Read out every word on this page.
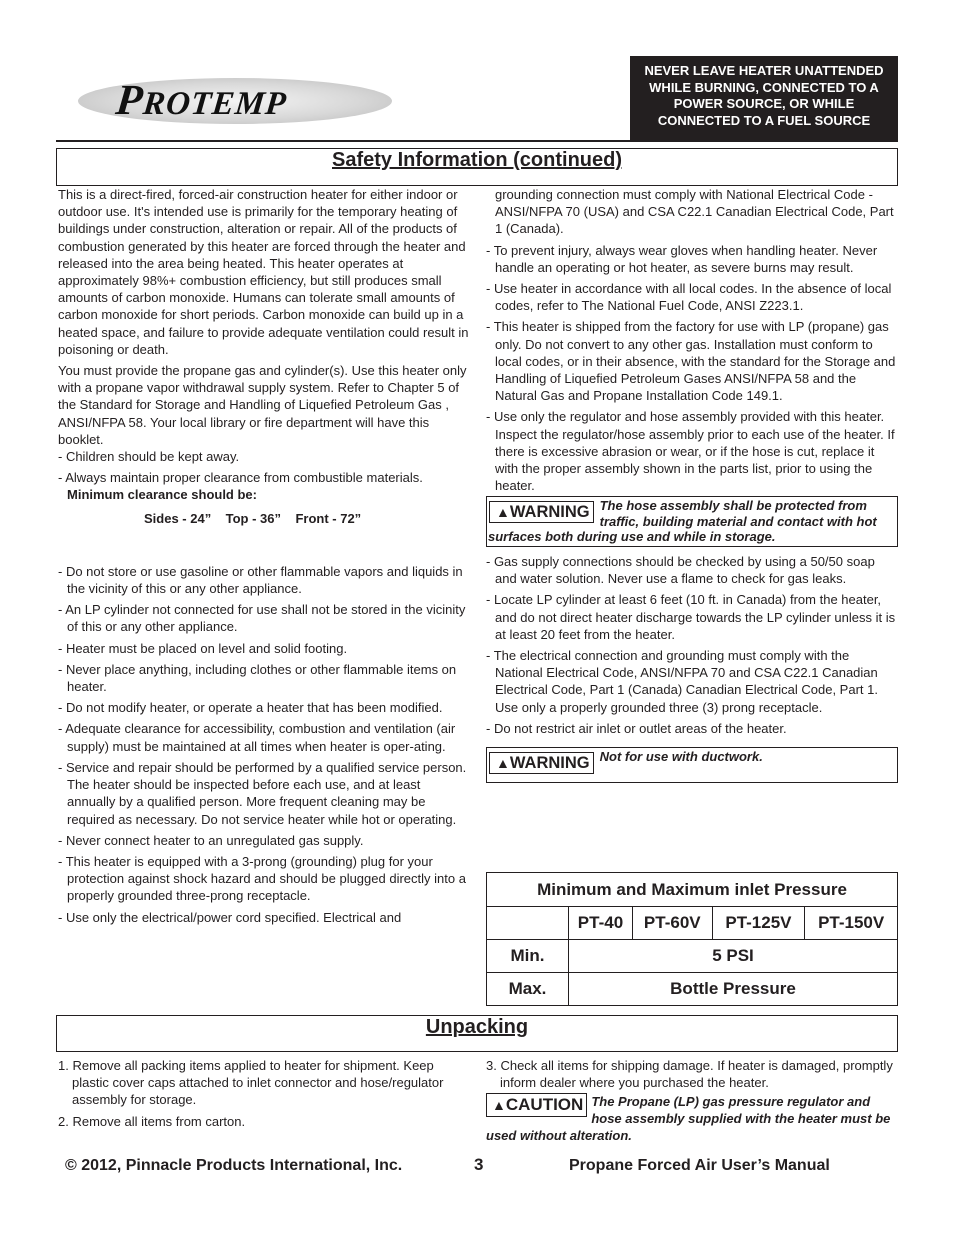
PROTEMP
NEVER LEAVE HEATER UNATTENDED
WHILE BURNING, CONNECTED TO A
POWER SOURCE, OR WHILE
CONNECTED TO A FUEL SOURCE
Safety Information (continued)

This is a direct-fired, forced-air construction heater for either indoor or outdoor use. It's intended use is primarily for the temporary heating of buildings under construction, alteration or repair. All of the products of combustion generated by this heater are forced through the heater and released into the area being heated. This heater operates at approximately 98%+ combustion efficiency, but still produces small amounts of carbon monoxide. Humans can tolerate small amounts of carbon monoxide for short periods. Carbon monoxide can build up in a heated space, and failure to provide adequate ventilation could result in poisoning or death.

You must provide the propane gas and cylinder(s). Use this heater only with a propane vapor withdrawal supply system. Refer to Chapter 5 of the Standard for Storage and Handling of Liquefied Petroleum Gas , ANSI/NFPA 58. Your local library or fire department will have this booklet.

- Children should be kept away.

- Always maintain proper clearance from combustible materials.

Minimum clearance should be:

Sides - 24”    Top - 36”    Front - 72”

- Do not store or use gasoline or other flammable vapors and liquids in the vicinity of this or any other appliance.

- An LP cylinder not connected for use shall not be stored in the vicinity of this or any other appliance.

- Heater must be placed on level and solid footing.

- Never place anything, including clothes or other flammable items on heater.

- Do not modify heater, or operate a heater that has been modified.

- Adequate clearance for accessibility, combustion and ventilation (air supply) must be maintained at all times when heater is oper-ating.

- Service and repair should be performed by a qualified service person. The heater should be inspected before each use, and at least annually by a qualified person. More frequent cleaning may be required as necessary. Do not service heater while hot or operating.

- Never connect heater to an unregulated gas supply.

- This heater is equipped with a 3-prong (grounding) plug for your protection against shock hazard and should be plugged directly into a properly grounded three-prong receptacle.

- Use only the electrical/power cord specified. Electrical and

grounding connection must comply with National Electrical Code - ANSI/NFPA 70 (USA) and CSA C22.1 Canadian Electrical Code, Part 1 (Canada).

- To prevent injury, always wear gloves when handling heater. Never handle an operating or hot heater, as severe burns may result.

- Use heater in accordance with all local codes. In the absence of local codes, refer to The National Fuel Code, ANSI Z223.1.

- This heater is shipped from the factory for use with LP (propane) gas only. Do not convert to any other gas. Installation must conform to local codes, or in their absence, with the standard for the Storage and Handling of Liquefied Petroleum Gases ANSI/NFPA 58 and the Natural Gas and Propane Installation Code 149.1.

- Use only the regulator and hose assembly provided with this heater. Inspect the regulator/hose assembly prior to each use of the heater. If there is excessive abrasion or wear, or if the hose is cut, replace it with the proper assembly shown in the parts list, prior to using the heater.

▲WARNING The hose assembly shall be protected from traffic, building material and contact with hot surfaces both during use and while in storage.

- Gas supply connections should be checked by using a 50/50 soap and water solution. Never use a flame to check for gas leaks.

- Locate LP cylinder at least 6 feet (10 ft. in Canada) from the heater, and do not direct heater discharge towards the LP cylinder unless it is at least 20 feet from the heater.

- The electrical connection and grounding must comply with the National Electrical Code, ANSI/NFPA 70 and CSA C22.1 Canadian Electrical Code, Part 1 (Canada) Canadian Electrical Code, Part 1. Use only a properly grounded three (3) prong receptacle.

- Do not restrict air inlet or outlet areas of the heater.

▲WARNING Not for use with ductwork.
Minimum and Maximum inlet Pressure				
	PT-40	PT-60V	PT-125V	PT-150V
Min.	5 PSI			
Max.	Bottle Pressure			
Unpacking

1. Remove all packing items applied to heater for shipment. Keep plastic cover caps attached to inlet connector and hose/regulator assembly for storage.

2. Remove all items from carton.

3. Check all items for shipping damage. If heater is damaged, promptly inform dealer where you purchased the heater.

▲CAUTION The Propane (LP) gas pressure regulator and hose assembly supplied with the heater must be used without alteration.
© 2012, Pinnacle Products International, Inc.	3	Propane Forced Air User’s Manual
